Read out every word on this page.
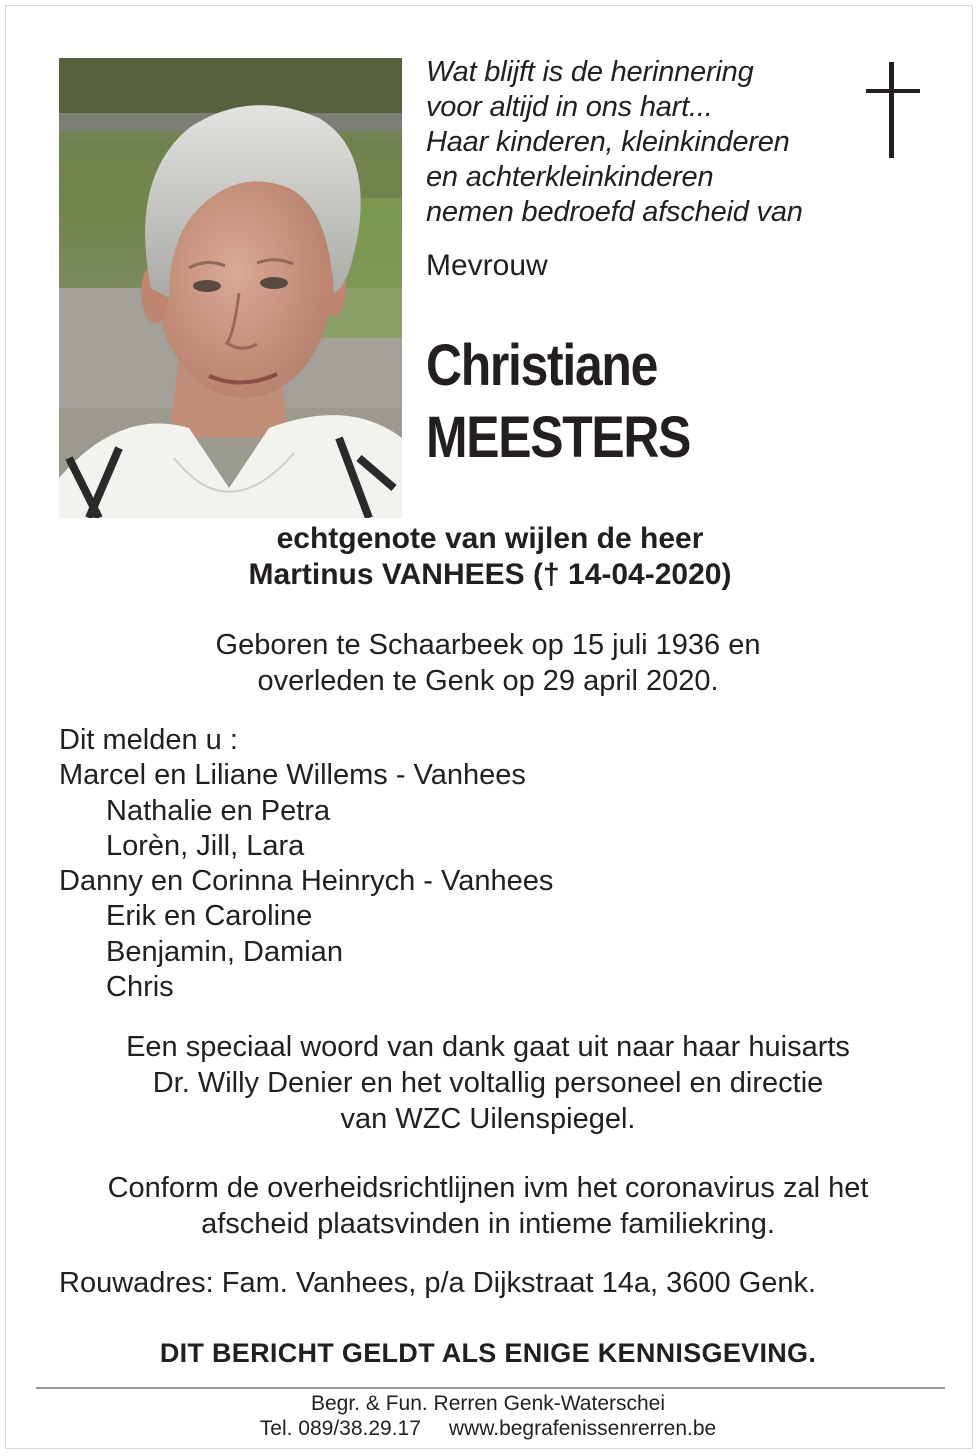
Wat blijft is de herinnering
voor altijd in ons hart...
Haar kinderen, kleinkinderen
en achterkleinkinderen
nemen bedroefd afscheid van
Mevrouw
Christiane
MEESTERS
echtgenote van wijlen de heer
Martinus VANHEES († 14-04-2020)
Geboren te Schaarbeek op 15 juli 1936 en
overleden te Genk op 29 april 2020.
Dit melden u :
Marcel en Liliane Willems - Vanhees
Nathalie en Petra
Lorèn, Jill, Lara
Danny en Corinna Heinrych - Vanhees
Erik en Caroline
Benjamin, Damian
Chris
Een speciaal woord van dank gaat uit naar haar huisarts
Dr. Willy Denier en het voltallig personeel en directie
van WZC Uilenspiegel.
Conform de overheidsrichtlijnen ivm het coronavirus zal het
afscheid plaatsvinden in intieme familiekring.
Rouwadres: Fam. Vanhees, p/a Dijkstraat 14a, 3600 Genk.
DIT BERICHT GELDT ALS ENIGE KENNISGEVING.
Begr. & Fun. Rerren Genk-Waterschei
Tel. 089/38.29.17 www.begrafenissenrerren.be
